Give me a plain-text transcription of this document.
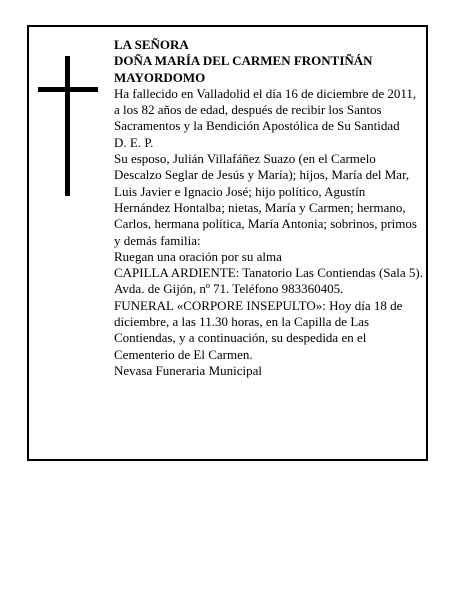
LA SEÑORA

DOÑA MARÍA DEL CARMEN FRONTIÑÁN MAYORDOMO

Ha fallecido en Valladolid el día 16 de diciembre de 2011, a los 82 años de edad, después de recibir los Santos Sacramentos y la Bendición Apostólica de Su Santidad

D. E. P.

Su esposo, Julián Villafáñez Suazo (en el Carmelo Descalzo Seglar de Jesús y María); hijos, María del Mar, Luis Javier e Ignacio José; hijo político, Agustín Hernández Hontalba; nietas, María y Carmen; hermano, Carlos, hermana política, María Antonia; sobrinos, primos y demás familia:

Ruegan una oración por su alma

CAPILLA ARDIENTE: Tanatorio Las Contiendas (Sala 5). Avda. de Gijón, nº 71. Teléfono 983360405.

FUNERAL «CORPORE INSEPULTO»: Hoy día 18 de diciembre, a las 11.30 horas, en la Capilla de Las Contiendas, y a continuación, su despedida en el Cementerio de El Carmen.

Nevasa Funeraria Municipal
